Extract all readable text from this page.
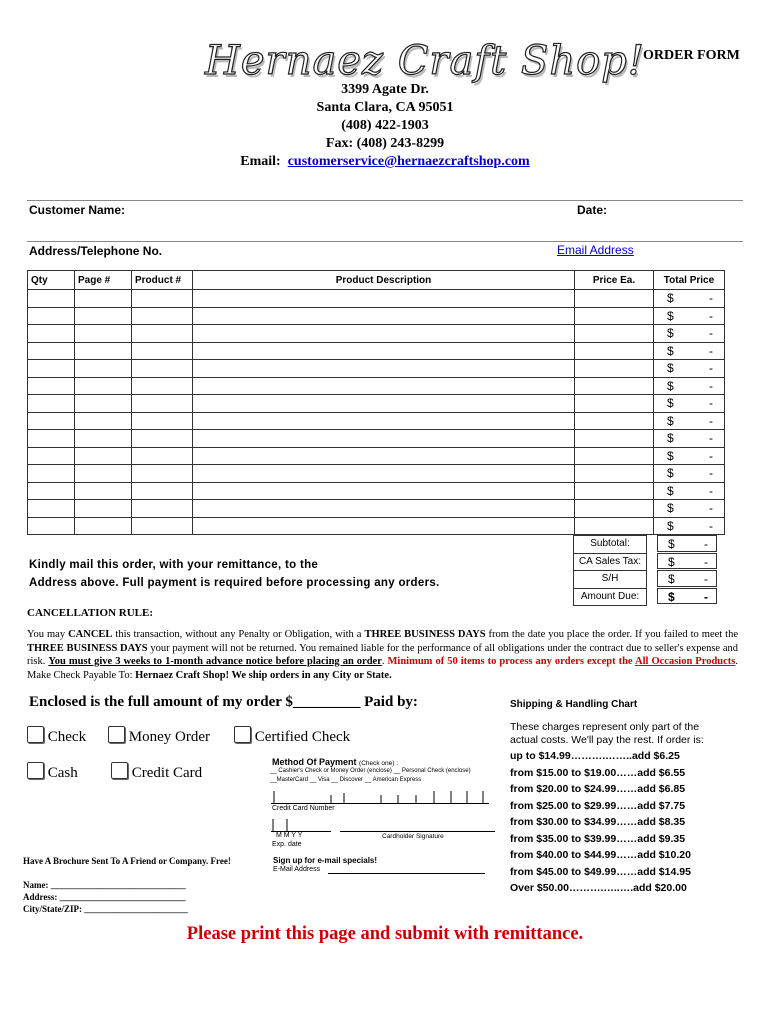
Hernaez Craft Shop!
ORDER FORM
3399 Agate Dr.
Santa Clara, CA 95051
(408) 422-1903
Fax: (408) 243-8299
Email: customerservice@hernaezcraftshop.com
Customer Name:	Date:
Address/Telephone No.	Email Address
Qty	Page #	Product #	Product Description	Price Ea.	Total Price

					$ -

					$ -

					$ -

					$ -

					$ -

					$ -

					$ -

					$ -

					$ -

					$ -

					$ -

					$ -

					$ -

					$ -
Subtotal:	$ -
CA Sales Tax:	$ -
S/H	$ -
Amount Due:	$ -
Kindly mail this order, with your remittance, to the
Address above. Full payment is required before processing any orders.
CANCELLATION RULE:
You may CANCEL this transaction, without any Penalty or Obligation, with a THREE BUSINESS DAYS from the date you place the order. If you failed to meet the THREE BUSINESS DAYS your payment will not be returned. You remained liable for the performance of all obligations under the contract due to seller's expense and risk. You must give 3 weeks to 1-month advance notice before placing an order. Minimum of 50 items to process any orders except the All Occasion Products. Make Check Payable To: Hernaez Craft Shop! We ship orders in any City or State.
Enclosed is the full amount of my order $_________ Paid by:
Check	Money Order	Certified Check
Cash	Credit Card
Method Of Payment (Check one) :
__ Cashier's Check or Money Order (enclose) __ Personal Check (enclose)
__MasterCard __ Visa __ Discover __ American Express
Credit Card Number
M M Y Y	Cardholder Signature
Exp. date
Sign up for e-mail specials!
E-Mail Address
Have A Brochure Sent To A Friend or Company. Free!
Name: ______________________________
Address: ____________________________
City/State/ZIP: _______________________
Shipping & Handling Chart
These charges represent only part of the
actual costs. We'll pay the rest. If order is:
up to $14.99……….……..add $6.25
from $15.00 to $19.00……add $6.55
from $20.00 to $24.99……add $6.85
from $25.00 to $29.99……add $7.75
from $30.00 to $34.99……add $8.35
from $35.00 to $39.99……add $9.35
from $40.00 to $44.99……add $10.20
from $45.00 to $49.99……add $14.95
Over $50.00……….…..….add $20.00
Please print this page and submit with remittance.
